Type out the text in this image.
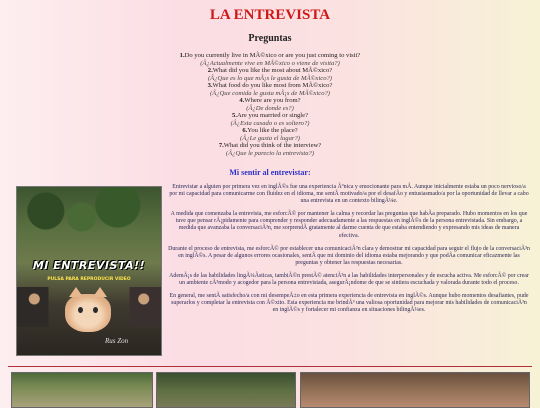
LA ENTREVISTA
Preguntas
1.Do you currently live in MÃ©xico or are you just coming to visit?
(Â¿Actualmente vive en MÃ©xico o viene de visita?)
2.What did you like the most about MÃ©xico?
(Â¿Que es lo que mÃ¡s le gusta de MÃ©xico?)
3.What food do you like most from MÃ©xico?
(Â¿Que comida le gusta mÃ¡s de MÃ©xico?)
4.Where are you from?
(Â¿De donde es?)
5.Are you married or single?
(Â¿Esta casado o es soltero?)
6.You like the place?
(Â¿Le gusta el lugar?)
7.What did you think of the interview?
(Â¿Que le parecio la entrevista?)
Mi sentir al entrevistar:
MI ENTREVISTA!!
PULSA PARA REPRODUCIR VIDEO
Rus Zon

Entrevistar a alguien por primera vez en inglÃ©s fue una experiencia Ãºnica y emocionante para mÃ. Aunque inicialmente estaba un poco nervioso/a por mi capacidad para comunicarme con fluidez en el idioma, me sentÃ motivado/a por el desafÃo y entusiasmado/a por la oportunidad de llevar a cabo una entrevista en un contexto bilingÃ¼e.

A medida que comenzaba la entrevista, me esforcÃ© por mantener la calma y recordar las preguntas que habÃa preparado. Hubo momentos en los que tuve que pensar rÃ¡pidamente para comprender y responder adecuadamente a las respuestas en inglÃ©s de la persona entrevistada. Sin embargo, a medida que avanzaba la conversaciÃ³n, me sorprendÃ gratamente al darme cuenta de que estaba entendiendo y expresando mis ideas de manera efectiva.

Durante el proceso de entrevista, me esforcÃ© por establecer una comunicaciÃ³n clara y demostrar mi capacidad para seguir el flujo de la conversaciÃ³n en inglÃ©s. A pesar de algunos errores ocasionales, sentÃ que mi dominio del idioma estaba mejorando y que podÃa comunicar eficazmente las preguntas y obtener las respuestas necesarias.

AdemÃ¡s de las habilidades lingÃ¼Ãsticas, tambiÃ©n prestÃ© atenciÃ³n a las habilidades interpersonales y de escucha activa. Me esforcÃ© por crear un ambiente cÃ³modo y acogedor para la persona entrevistada, asegurÃ¡ndome de que se sintiera escuchada y valorada durante todo el proceso.

En general, me sentÃ satisfecho/a con mi desempeÃ±o en esta primera experiencia de entrevista en inglÃ©s. Aunque hubo momentos desafiantes, pude superarlos y completar la entrevista con Ã©xito. Esta experiencia me brindÃ³ una valiosa oportunidad para mejorar mis habilidades de comunicaciÃ³n en inglÃ©s y fortalecer mi confianza en situaciones bilingÃ¼es.
